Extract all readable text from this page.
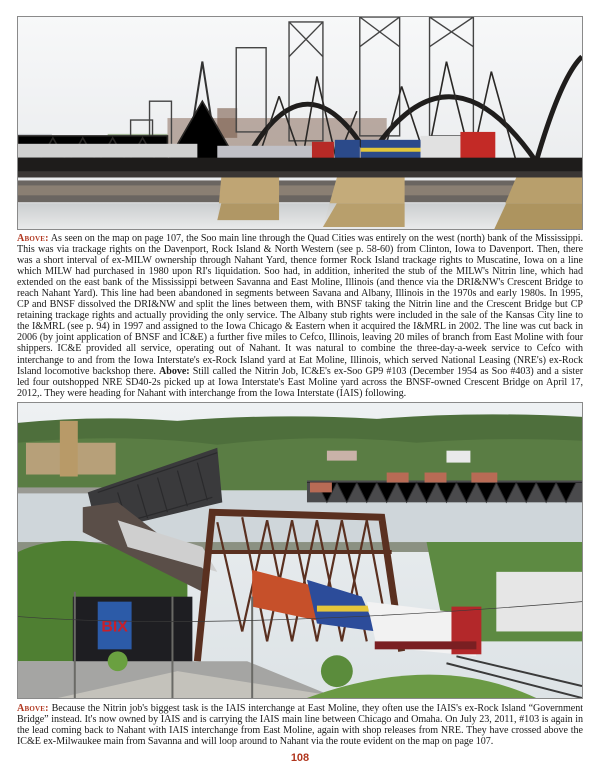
Above: As seen on the map on page 107, the Soo main line through the Quad Cities was entirely on the west (north) bank of the Mississippi. This was via trackage rights on the Davenport, Rock Island & North Western (see p. 58-60) from Clinton, Iowa to Davenport. Then, there was a short interval of ex-MILW ownership through Nahant Yard, thence former Rock Island trackage rights to Muscatine, Iowa on a line which MILW had purchased in 1980 upon RI's liquidation. Soo had, in addition, inherited the stub of the MILW's Nitrin line, which had extended on the east bank of the Mississippi between Savanna and East Moline, Illinois (and thence via the DRI&NW's Crescent Bridge to reach Nahant Yard). This line had been abandoned in segments between Savana and Albany, Illinois in the 1970s and early 1980s. In 1995, CP and BNSF dissolved the DRI&NW and split the lines between them, with BNSF taking the Nitrin line and the Crescent Bridge but CP retaining trackage rights and actually providing the only service. The Albany stub rights were included in the sale of the Kansas City line to the I&MRL (see p. 94) in 1997 and assigned to the Iowa Chicago & Eastern when it acquired the I&MRL in 2002. The line was cut back in 2006 (by joint application of BNSF and IC&E) a further five miles to Cefco, Illinois, leaving 20 miles of branch from East Moline with four shippers. IC&E provided all service, operating out of Nahant. It was natural to combine the three-day-a-week service to Cefco with interchange to and from the Iowa Interstate's ex-Rock Island yard at Eat Moline, Illinois, which served National Leasing (NRE's) ex-Rock Island locomotive backshop there. Above: Still called the Nitrin Job, IC&E's ex-Soo GP9 #103 (December 1954 as Soo #403) and a sister led four outshopped NRE SD40-2s picked up at Iowa Interstate's East Moline yard across the BNSF-owned Crescent Bridge on April 17, 2012,. They were heading for Nahant with interchange from the Iowa Interstate (IAIS) following.
BIX
Above: Because the Nitrin job's biggest task is the IAIS interchange at East Moline, they often use the IAIS's ex-Rock Island “Government Bridge” instead. It's now owned by IAIS and is carrying the IAIS main line between Chicago and Omaha. On July 23, 2011, #103 is again in the lead coming back to Nahant with IAIS interchange from East Moline, again with shop releases from NRE. They have crossed above the IC&E ex-Milwaukee main from Savanna and will loop around to Nahant via the route evident on the map on page 107.
108
